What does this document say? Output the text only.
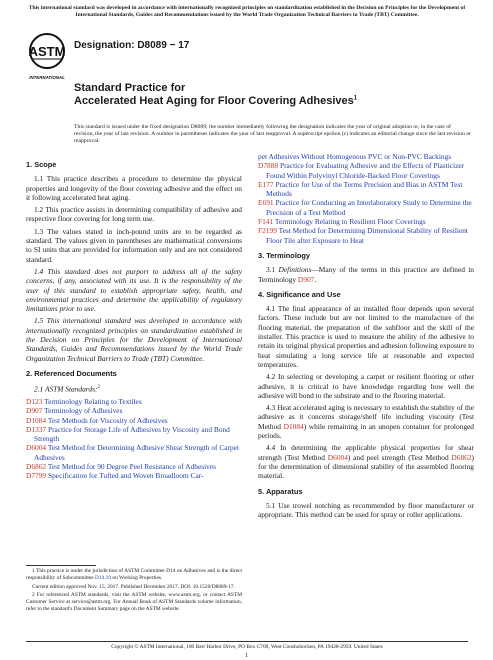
This international standard was developed in accordance with internationally recognized principles on standardization established in the Decision on Principles for the Development of International Standards, Guides and Recommendations issued by the World Trade Organization Technical Barriers to Trade (TBT) Committee.
ASTM
INTERNATIONAL
Designation: D8089 − 17
Standard Practice for
Accelerated Heat Aging for Floor Covering Adhesives$^1$
This standard is issued under the fixed designation D8089; the number immediately following the designation indicates the year of original adoption or, in the case of revision, the year of last revision. A number in parentheses indicates the year of last reapproval. A superscript epsilon (ε) indicates an editorial change since the last revision or reapproval.
1. Scope
1.1 This practice describes a procedure to determine the physical properties and longevity of the floor covering adhesive and the effect on it following accelerated heat aging.
1.2 This practice assists in determining compatibility of adhesive and respective floor covering for long term use.
1.3 The values stated in inch-pound units are to be regarded as standard. The values given in parentheses are mathematical conversions to SI units that are provided for information only and are not considered standard.
1.4 This standard does not purport to address all of the safety concerns, if any, associated with its use. It is the responsibility of the user of this standard to establish appropriate safety, health, and environmental practices and determine the applicability of regulatory limitations prior to use.
1.5 This international standard was developed in accordance with internationally recognized principles on standardization established in the Decision on Principles for the Development of International Standards, Guides and Recommendations issued by the World Trade Organization Technical Barriers to Trade (TBT) Committee.
2. Referenced Documents
2.1 ASTM Standards:$^2$
D123 Terminology Relating to Textiles
D907 Terminology of Adhesives
D1084 Test Methods for Viscosity of Adhesives
D1337 Practice for Storage Life of Adhesives by Viscosity and Bond Strength
D6004 Test Method for Determining Adhesive Shear Strength of Carpet Adhesives
D6862 Test Method for 90 Degree Peel Resistance of Adhesives
D7799 Specification for Tufted and Woven Broadloom Car-
pet Adhesives Without Homogenous PVC or Non-PVC Backings
D7888 Practice for Evaluating Adhesive and the Effects of Plasticizer Found Within Polyvinyl Chloride-Backed Floor Coverings
E177 Practice for Use of the Terms Precision and Bias in ASTM Test Methods
E691 Practice for Conducting an Interlaboratory Study to Determine the Precision of a Test Method
F141 Terminology Relating to Resilient Floor Coverings
F2199 Test Method for Determining Dimensional Stability of Resilient Floor Tile after Exposure to Heat
3. Terminology
3.1 Definitions—Many of the terms in this practice are defined in Terminology D907.
4. Significance and Use
4.1 The final appearance of an installed floor depends upon several factors. These include but are not limited to the manufacture of the flooring material, the preparation of the subfloor and the skill of the installer. This practice is used to measure the ability of the adhesive to retain its original physical properties and adhesion following exposure to heat simulating a long service life at reasonable and expected temperatures.
4.2 In selecting or developing a carpet or resilient flooring or other adhesive, it is critical to have knowledge regarding how well the adhesive will bond to the substrate and to the flooring material.
4.3 Heat accelerated aging is necessary to establish the stability of the adhesive as it concerns storage/shelf life including viscosity (Test Method D1084) while remaining in an unopen container for prolonged periods.
4.4 In determining the applicable physical properties for shear strength (Test Method D6004) and peel strength (Test Method D6862) for the determination of dimensional stability of the assembled flooring material.
5. Apparatus
5.1 Use trowel notching as recommended by floor manufacturer or appropriate. This method can be used for spray or roller applications.

1 This practice is under the jurisdiction of ASTM Committee D14 on Adhesives and is the direct responsibility of Subcommittee D14.10 on Working Properties.

Current edition approved Nov. 15, 2017. Published December 2017. DOI: 10.1520/D8089-17.

2 For referenced ASTM standards, visit the ASTM website, www.astm.org, or contact ASTM Customer Service at service@astm.org. For Annual Book of ASTM Standards volume information, refer to the standard's Document Summary page on the ASTM website.

Copyright © ASTM International, 100 Barr Harbor Drive, PO Box C700, West Conshohocken, PA 19428-2959. United States
1
